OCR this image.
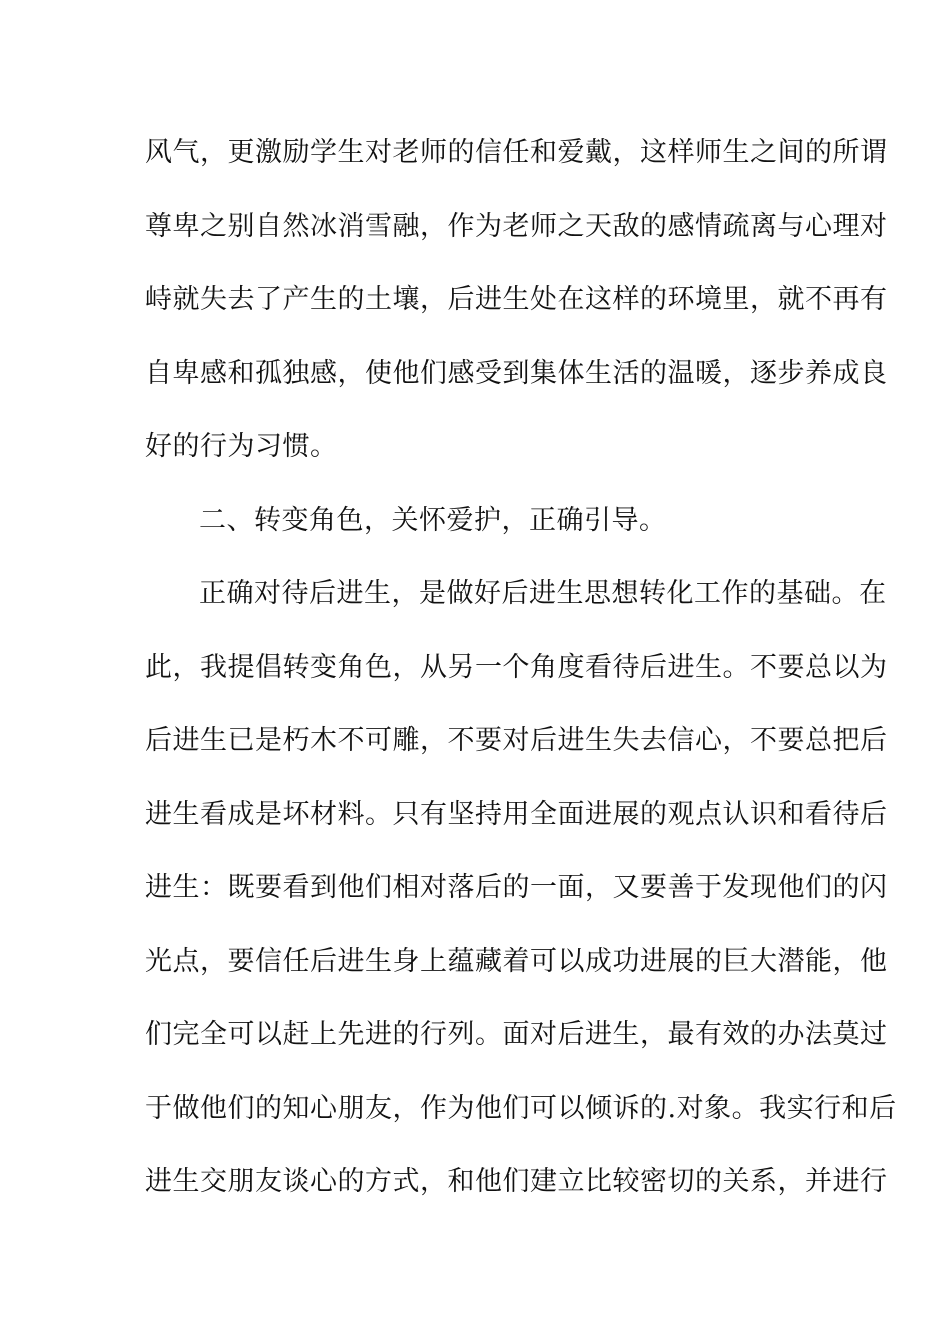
风气，更激励学生对老师的信任和爱戴，这样师生之间的所谓
尊卑之别自然冰消雪融，作为老师之天敌的感情疏离与心理对
峙就失去了产生的土壤，后进生处在这样的环境里，就不再有
自卑感和孤独感，使他们感受到集体生活的温暖，逐步养成良
好的行为习惯。
二、转变角色，关怀爱护，正确引导。
正确对待后进生，是做好后进生思想转化工作的基础。在
此，我提倡转变角色，从另一个角度看待后进生。不要总以为
后进生已是朽木不可雕，不要对后进生失去信心，不要总把后
进生看成是坏材料。只有坚持用全面进展的观点认识和看待后
进生：既要看到他们相对落后的一面，又要善于发现他们的闪
光点，要信任后进生身上蕴藏着可以成功进展的巨大潜能，他
们完全可以赶上先进的行列。面对后进生，最有效的办法莫过
于做他们的知心朋友，作为他们可以倾诉的.对象。我实行和后
进生交朋友谈心的方式，和他们建立比较密切的关系，并进行
